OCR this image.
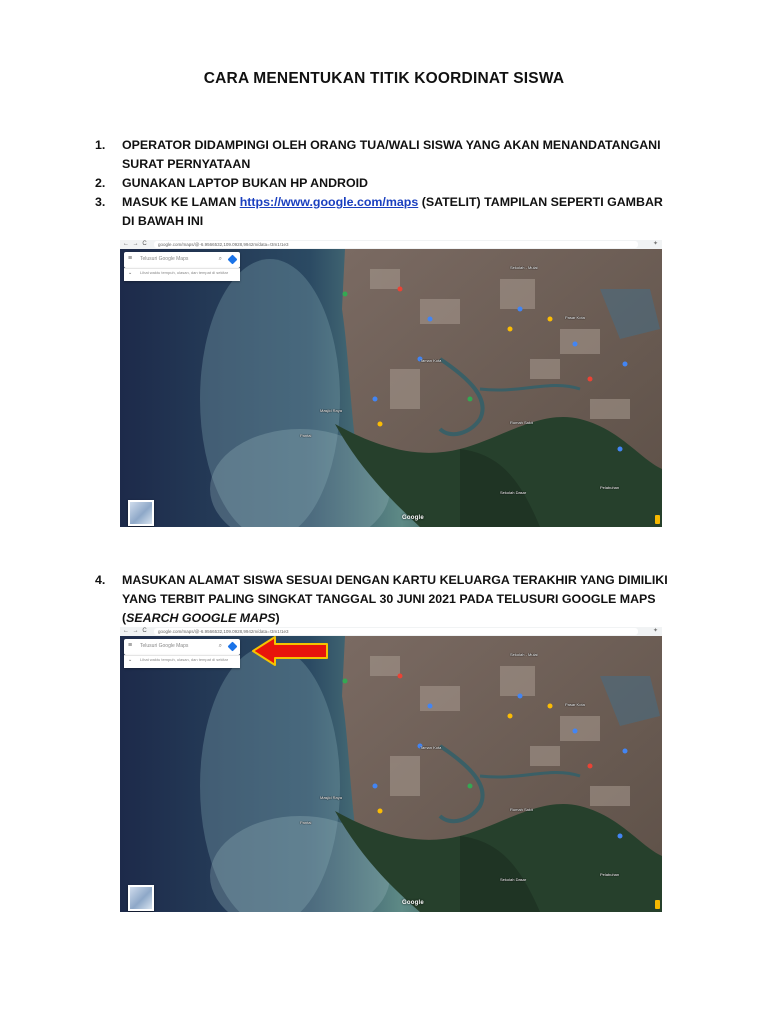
CARA MENENTUKAN TITIK KOORDINAT SISWA
1. OPERATOR DIDAMPINGI OLEH ORANG TUA/WALI SISWA YANG AKAN MENANDATANGANI SURAT PERNYATAAN
2. GUNAKAN LAPTOP BUKAN HP ANDROID
3. MASUK KE LAMAN https://www.google.com/maps (SATELIT) TAMPILAN SEPERTI GAMBAR DI BAWAH INI
← → C	google.com/maps/@-6.9566532,109.0928,9942m/data=!3m1!1e3	✦
Sekolah - Mulai
Pasar Kota
Masjid Raya
Taman Kota
Pantai
Rumah Sakit
Sekolah Dasar
Pelabuhan
≡ Telusuri Google Maps	⌕
⌄ Lihat waktu tempuh, ulasan, dan tempat di sekitar
Google
4. MASUKAN ALAMAT SISWA SESUAI DENGAN KARTU KELUARGA TERAKHIR YANG DIMILIKI YANG TERBIT PALING SINGKAT TANGGAL 30 JUNI 2021 PADA TELUSURI GOOGLE MAPS (SEARCH GOOGLE MAPS)
← → C	google.com/maps/@-6.9566532,109.0928,9942m/data=!3m1!1e3	✦
Sekolah - Mulai
Pasar Kota
Masjid Raya
Taman Kota
Pantai
Rumah Sakit
Sekolah Dasar
Pelabuhan
≡ Telusuri Google Maps	⌕
⌄ Lihat waktu tempuh, ulasan, dan tempat di sekitar
Google
